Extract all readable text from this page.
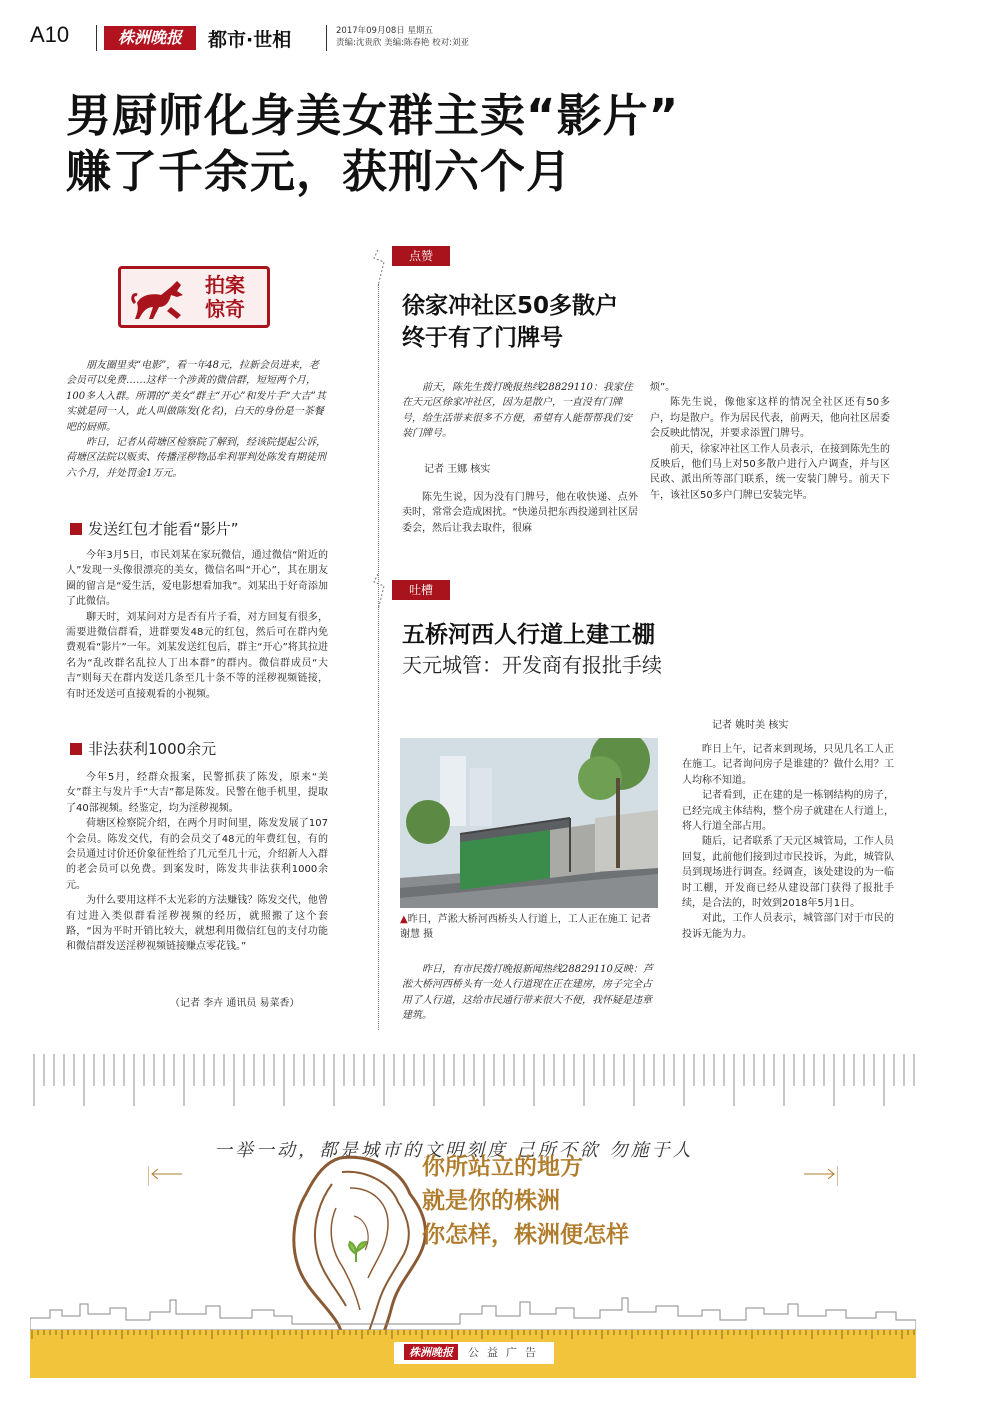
A10	株洲晚报	都市·世相	2017年09月08日 星期五
责编:沈贵欣 美编:陈春艳 校对:刘亚
男厨师化身美女群主卖“影片”
赚了千余元，获刑六个月
拍案
惊奇

朋友圈里卖“电影”，看一年48元，拉新会员进来，老会员可以免费……这样一个涉黄的微信群，短短两个月，100多人入群。所谓的“美女”群主“开心”和发片手“大吉”其实就是同一人，此人叫做陈发(化名)，白天的身份是一茶餐吧的厨师。

昨日，记者从荷塘区检察院了解到，经该院提起公诉，荷塘区法院以贩卖、传播淫秽物品牟利罪判处陈发有期徒刑六个月，并处罚金1万元。

发送红包才能看“影片”

今年3月5日，市民刘某在家玩微信，通过微信“附近的人”发现一头像很漂亮的美女，微信名叫“开心”，其在朋友圈的留言是“爱生活，爱电影想看加我”。刘某出于好奇添加了此微信。

聊天时，刘某问对方是否有片子看，对方回复有很多，需要进微信群看，进群要发48元的红包，然后可在群内免费观看“影片”一年。刘某发送红包后，群主“开心”将其拉进名为“乱改群名乱拉人丁出本群”的群内。微信群成员“大吉”则每天在群内发送几条至几十条不等的淫秽视频链接，有时还发送可直接观看的小视频。

非法获利1000余元

今年5月，经群众报案，民警抓获了陈发，原来“美女”群主与发片手“大吉”都是陈发。民警在他手机里，提取了40部视频。经鉴定，均为淫秽视频。

荷塘区检察院介绍，在两个月时间里，陈发发展了107个会员。陈发交代，有的会员交了48元的年费红包，有的会员通过讨价还价象征性给了几元至几十元，介绍新人入群的老会员可以免费。到案发时，陈发共非法获利1000余元。

为什么要用这样不太光彩的方法赚钱？陈发交代，他曾有过进入类似群看淫秽视频的经历，就照搬了这个套路，“因为平时开销比较大，就想利用微信红包的支付功能和微信群发送淫秽视频链接赚点零花钱。”

（记者 李卉 通讯员 易菜香）
点赞
徐家冲社区50多散户
终于有了门牌号

前天，陈先生拨打晚报热线28829110：我家住在天元区徐家冲社区，因为是散户，一直没有门牌号，给生活带来很多不方便，希望有人能帮帮我们安装门牌号。

记者 王娜 核实

陈先生说，因为没有门牌号，他在收快递、点外卖时，常常会造成困扰。“快递员把东西投递到社区居委会，然后让我去取件，很麻

烦”。

陈先生说，像他家这样的情况全社区还有50多户，均是散户。作为居民代表，前两天，他向社区居委会反映此情况，并要求添置门牌号。

前天，徐家冲社区工作人员表示，在接到陈先生的反映后，他们马上对50多散户进行入户调查，并与区民政、派出所等部门联系，统一安装门牌号。前天下午，该社区50多户门牌已安装完毕。

吐槽
五桥河西人行道上建工棚
天元城管：开发商有报批手续
▲昨日，芦淞大桥河西桥头人行道上，工人正在施工 记者 谢慧 摄

昨日，有市民拨打晚报新闻热线28829110反映：芦淞大桥河西桥头有一处人行道现在正在建房，房子完全占用了人行道，这给市民通行带来很大不便，我怀疑是违章建筑。

记者 姚时美 核实

昨日上午，记者来到现场，只见几名工人正在施工。记者询问房子是谁建的？做什么用？工人均称不知道。

记者看到，正在建的是一栋钢结构的房子，已经完成主体结构，整个房子就建在人行道上，将人行道全部占用。

随后，记者联系了天元区城管局，工作人员回复，此前他们接到过市民投诉，为此，城管队员到现场进行调查。经调查，该处建设的为一临时工棚，开发商已经从建设部门获得了报批手续，是合法的，时效到2018年5月1日。

对此，工作人员表示，城管部门对于市民的投诉无能为力。

一举一动，都是城市的文明刻度 己所不欲 勿施于人
你所站立的地方
就是你的株洲
你怎样，株洲便怎样
株洲晚报 公益广告
